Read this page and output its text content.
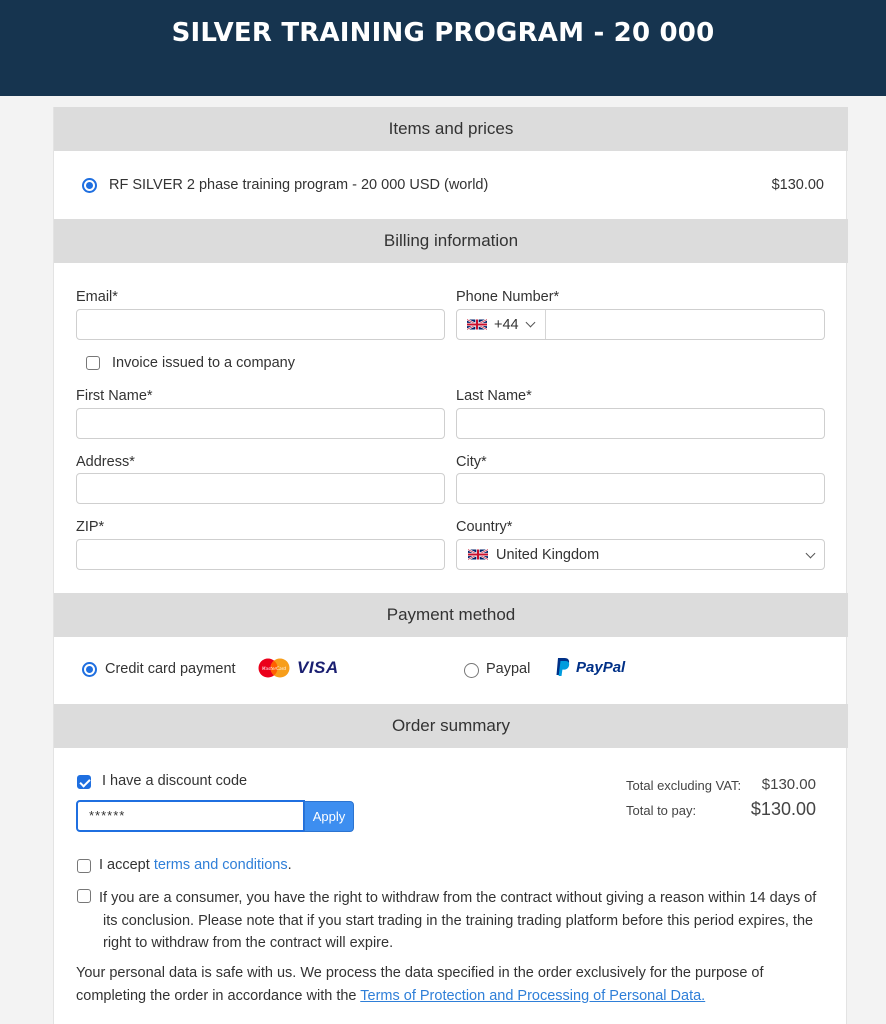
SILVER TRAINING PROGRAM - 20 000
Items and prices
RF SILVER 2 phase training program - 20 000 USD (world)	$130.00
Billing information
Email*	Phone Number*
+44
Invoice issued to a company
First Name*	Last Name*
Address*	City*
ZIP*	Country*
United Kingdom
Payment method
Credit card payment	MasterCard VISA	Paypal	PayPal
Order summary
I have a discount code
******	Apply
Total excluding VAT: $130.00
Total to pay:	$130.00
I accept terms and conditions.
If you are a consumer, you have the right to withdraw from the contract without giving a reason within 14 days of its conclusion. Please note that if you start trading in the training trading platform before this period expires, the right to withdraw from the contract will expire.
Your personal data is safe with us. We process the data specified in the order exclusively for the purpose of completing the order in accordance with the Terms of Protection and Processing of Personal Data.
